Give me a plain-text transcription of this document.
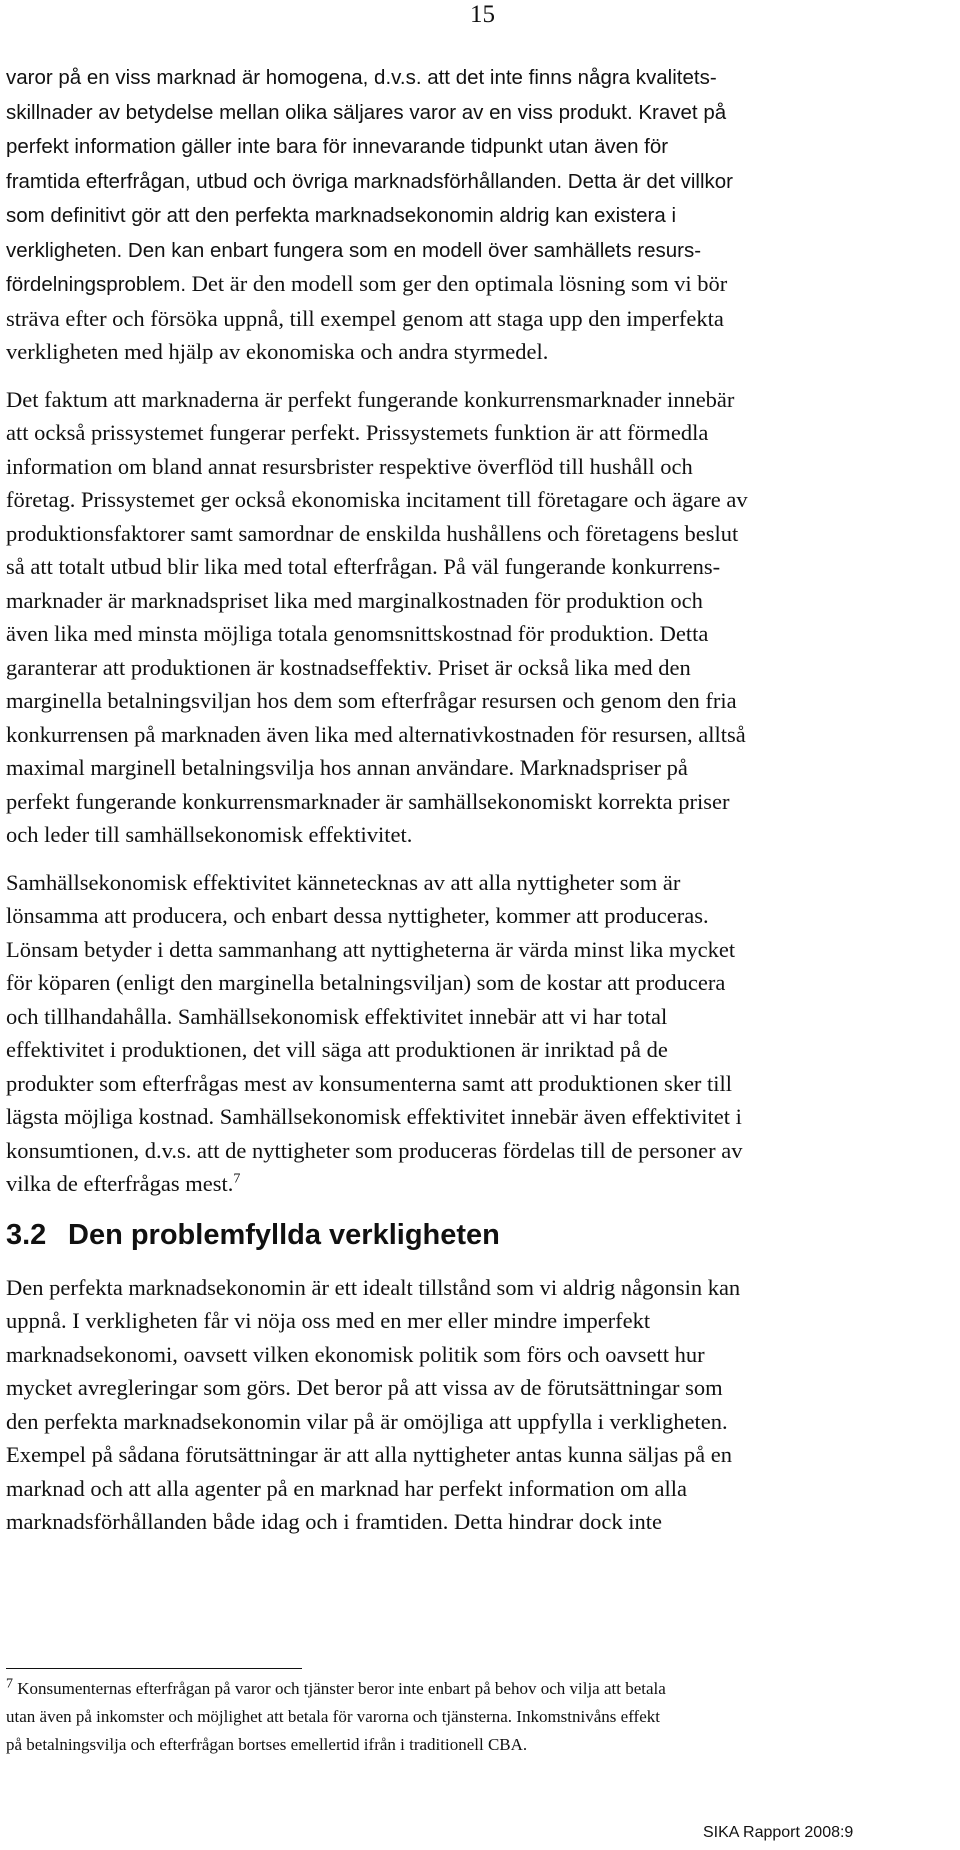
15

varor på en viss marknad är homogena, d.v.s. att det inte finns några kvalitets-
skillnader av betydelse mellan olika säljares varor av en viss produkt. Kravet på
perfekt information gäller inte bara för innevarande tidpunkt utan även för
framtida efterfrågan, utbud och övriga marknadsförhållanden. Detta är det villkor
som definitivt gör att den perfekta marknadsekonomin aldrig kan existera i
verkligheten. Den kan enbart fungera som en modell över samhällets resurs-
fördelningsproblem. Det är den modell som ger den optimala lösning som vi bör
sträva efter och försöka uppnå, till exempel genom att staga upp den imperfekta
verkligheten med hjälp av ekonomiska och andra styrmedel.

Det faktum att marknaderna är perfekt fungerande konkurrensmarknader innebär
att också prissystemet fungerar perfekt. Prissystemets funktion är att förmedla
information om bland annat resursbrister respektive överflöd till hushåll och
företag. Prissystemet ger också ekonomiska incitament till företagare och ägare av
produktionsfaktorer samt samordnar de enskilda hushållens och företagens beslut
så att totalt utbud blir lika med total efterfrågan. På väl fungerande konkurrens-
marknader är marknadspriset lika med marginalkostnaden för produktion och
även lika med minsta möjliga totala genomsnittskostnad för produktion. Detta
garanterar att produktionen är kostnadseffektiv. Priset är också lika med den
marginella betalningsviljan hos dem som efterfrågar resursen och genom den fria
konkurrensen på marknaden även lika med alternativkostnaden för resursen, alltså
maximal marginell betalningsvilja hos annan användare. Marknadspriser på
perfekt fungerande konkurrensmarknader är samhällsekonomiskt korrekta priser
och leder till samhällsekonomisk effektivitet.

Samhällsekonomisk effektivitet kännetecknas av att alla nyttigheter som är
lönsamma att producera, och enbart dessa nyttigheter, kommer att produceras.
Lönsam betyder i detta sammanhang att nyttigheterna är värda minst lika mycket
för köparen (enligt den marginella betalningsviljan) som de kostar att producera
och tillhandahålla. Samhällsekonomisk effektivitet innebär att vi har total
effektivitet i produktionen, det vill säga att produktionen är inriktad på de
produkter som efterfrågas mest av konsumenterna samt att produktionen sker till
lägsta möjliga kostnad. Samhällsekonomisk effektivitet innebär även effektivitet i
konsumtionen, d.v.s. att de nyttigheter som produceras fördelas till de personer av
vilka de efterfrågas mest.$^7$

3.2 Den problemfyllda verkligheten

Den perfekta marknadsekonomin är ett idealt tillstånd som vi aldrig någonsin kan
uppnå. I verkligheten får vi nöja oss med en mer eller mindre imperfekt
marknadsekonomi, oavsett vilken ekonomisk politik som förs och oavsett hur
mycket avregleringar som görs. Det beror på att vissa av de förutsättningar som
den perfekta marknadsekonomin vilar på är omöjliga att uppfylla i verkligheten.
Exempel på sådana förutsättningar är att alla nyttigheter antas kunna säljas på en
marknad och att alla agenter på en marknad har perfekt information om alla
marknadsförhållanden både idag och i framtiden. Detta hindrar dock inte

$^7$ Konsumenternas efterfrågan på varor och tjänster beror inte enbart på behov och vilja att betala
utan även på inkomster och möjlighet att betala för varorna och tjänsterna. Inkomstnivåns effekt
på betalningsvilja och efterfrågan bortses emellertid ifrån i traditionell CBA.
SIKA Rapport 2008:9
